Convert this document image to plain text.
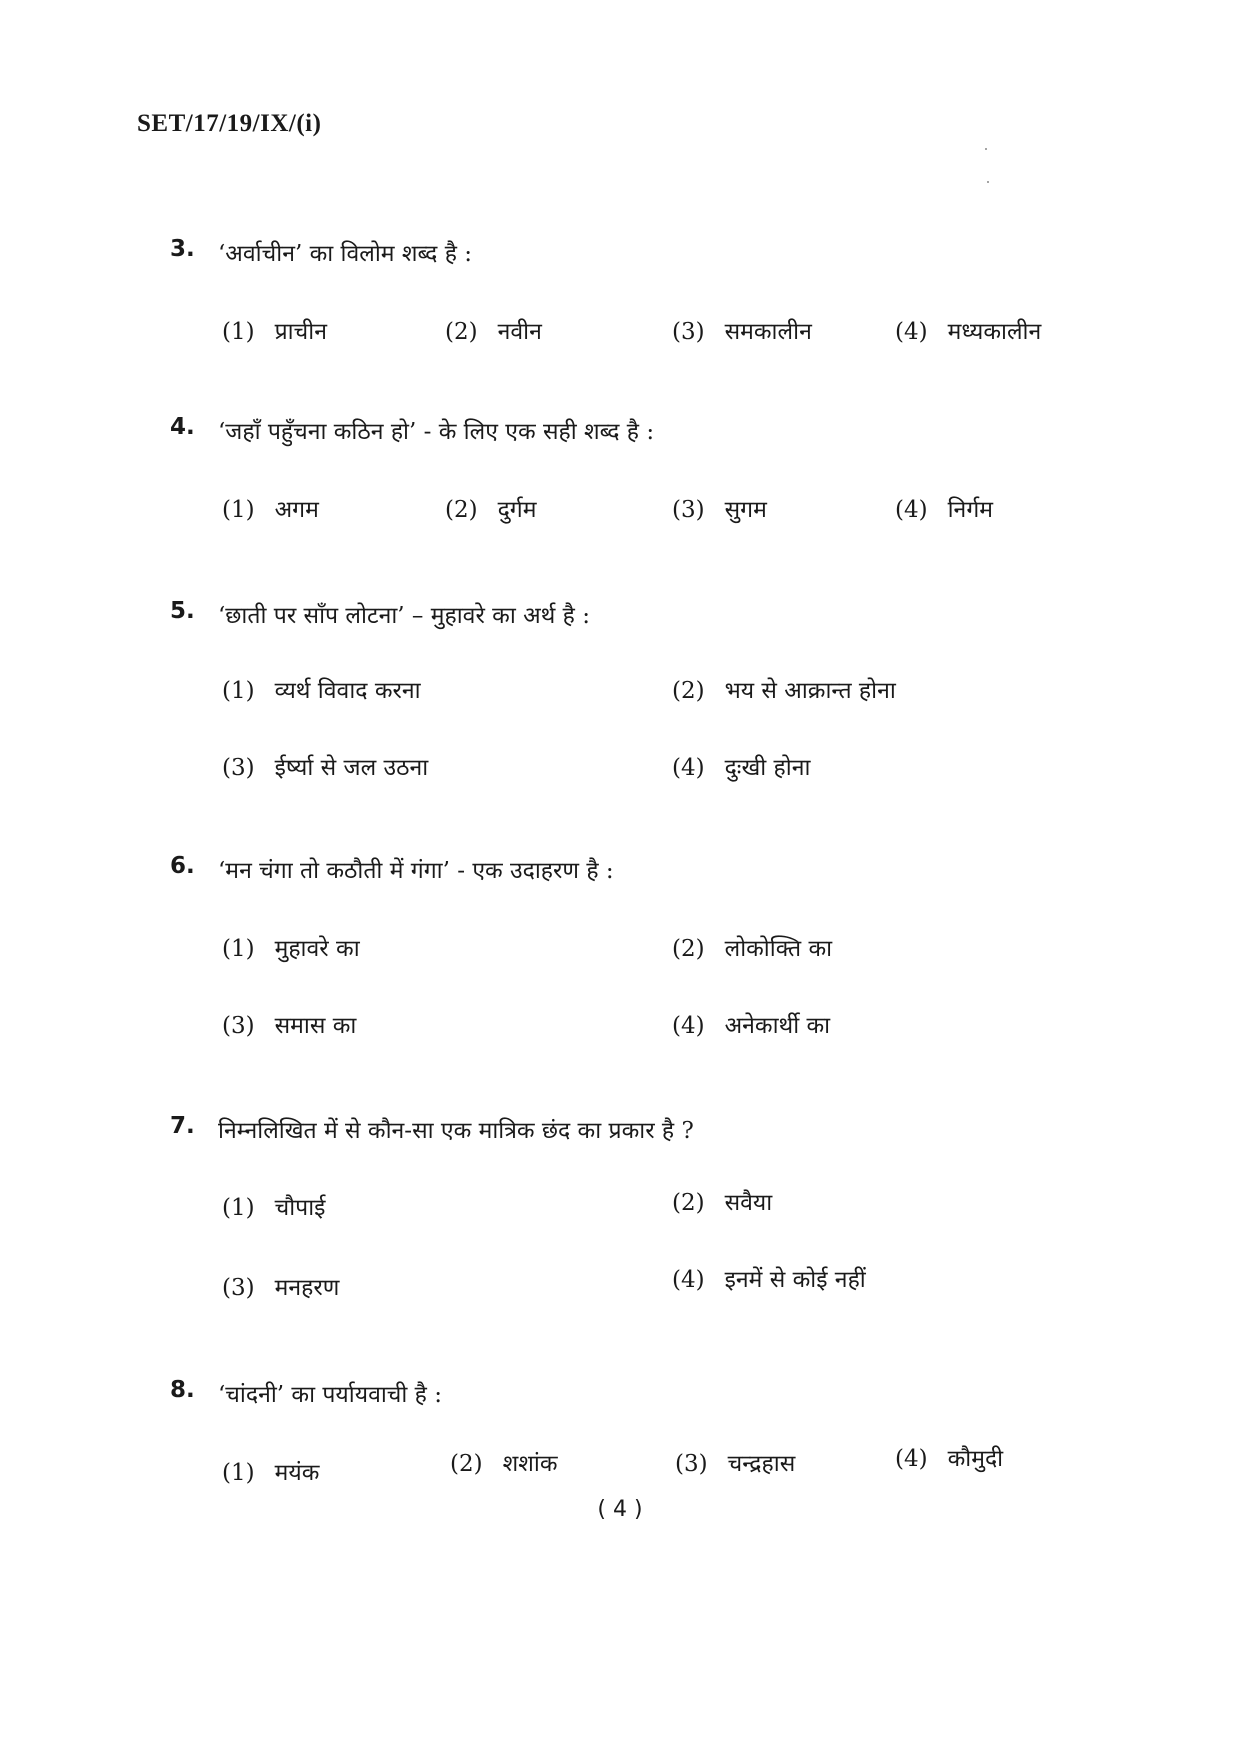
SET/17/19/IX/(i)
3. ‘अर्वाचीन’ का विलोम शब्द है :
(1) प्राचीन	(2) नवीन	(3) समकालीन	(4) मध्यकालीन
4. ‘जहाँ पहुँचना कठिन हो’ - के लिए एक सही शब्द है :
(1) अगम	(2) दुर्गम	(3) सुगम	(4) निर्गम
5. ‘छाती पर साँप लोटना’ – मुहावरे का अर्थ है :
(1) व्यर्थ विवाद करना	(2) भय से आक्रान्त होना
(3) ईर्ष्या से जल उठना	(4) दुःखी होना
6. ‘मन चंगा तो कठौती में गंगा’ - एक उदाहरण है :
(1) मुहावरे का	(2) लोकोक्ति का
(3) समास का	(4) अनेकार्थी का
7. निम्नलिखित में से कौन-सा एक मात्रिक छंद का प्रकार है ?
(1) चौपाई	(2) सवैया
(3) मनहरण	(4) इनमें से कोई नहीं
8. ‘चांदनी’ का पर्यायवाची है :
(1) मयंक	(2) शशांक	(3) चन्द्रहास	(4) कौमुदी
( 4 )
